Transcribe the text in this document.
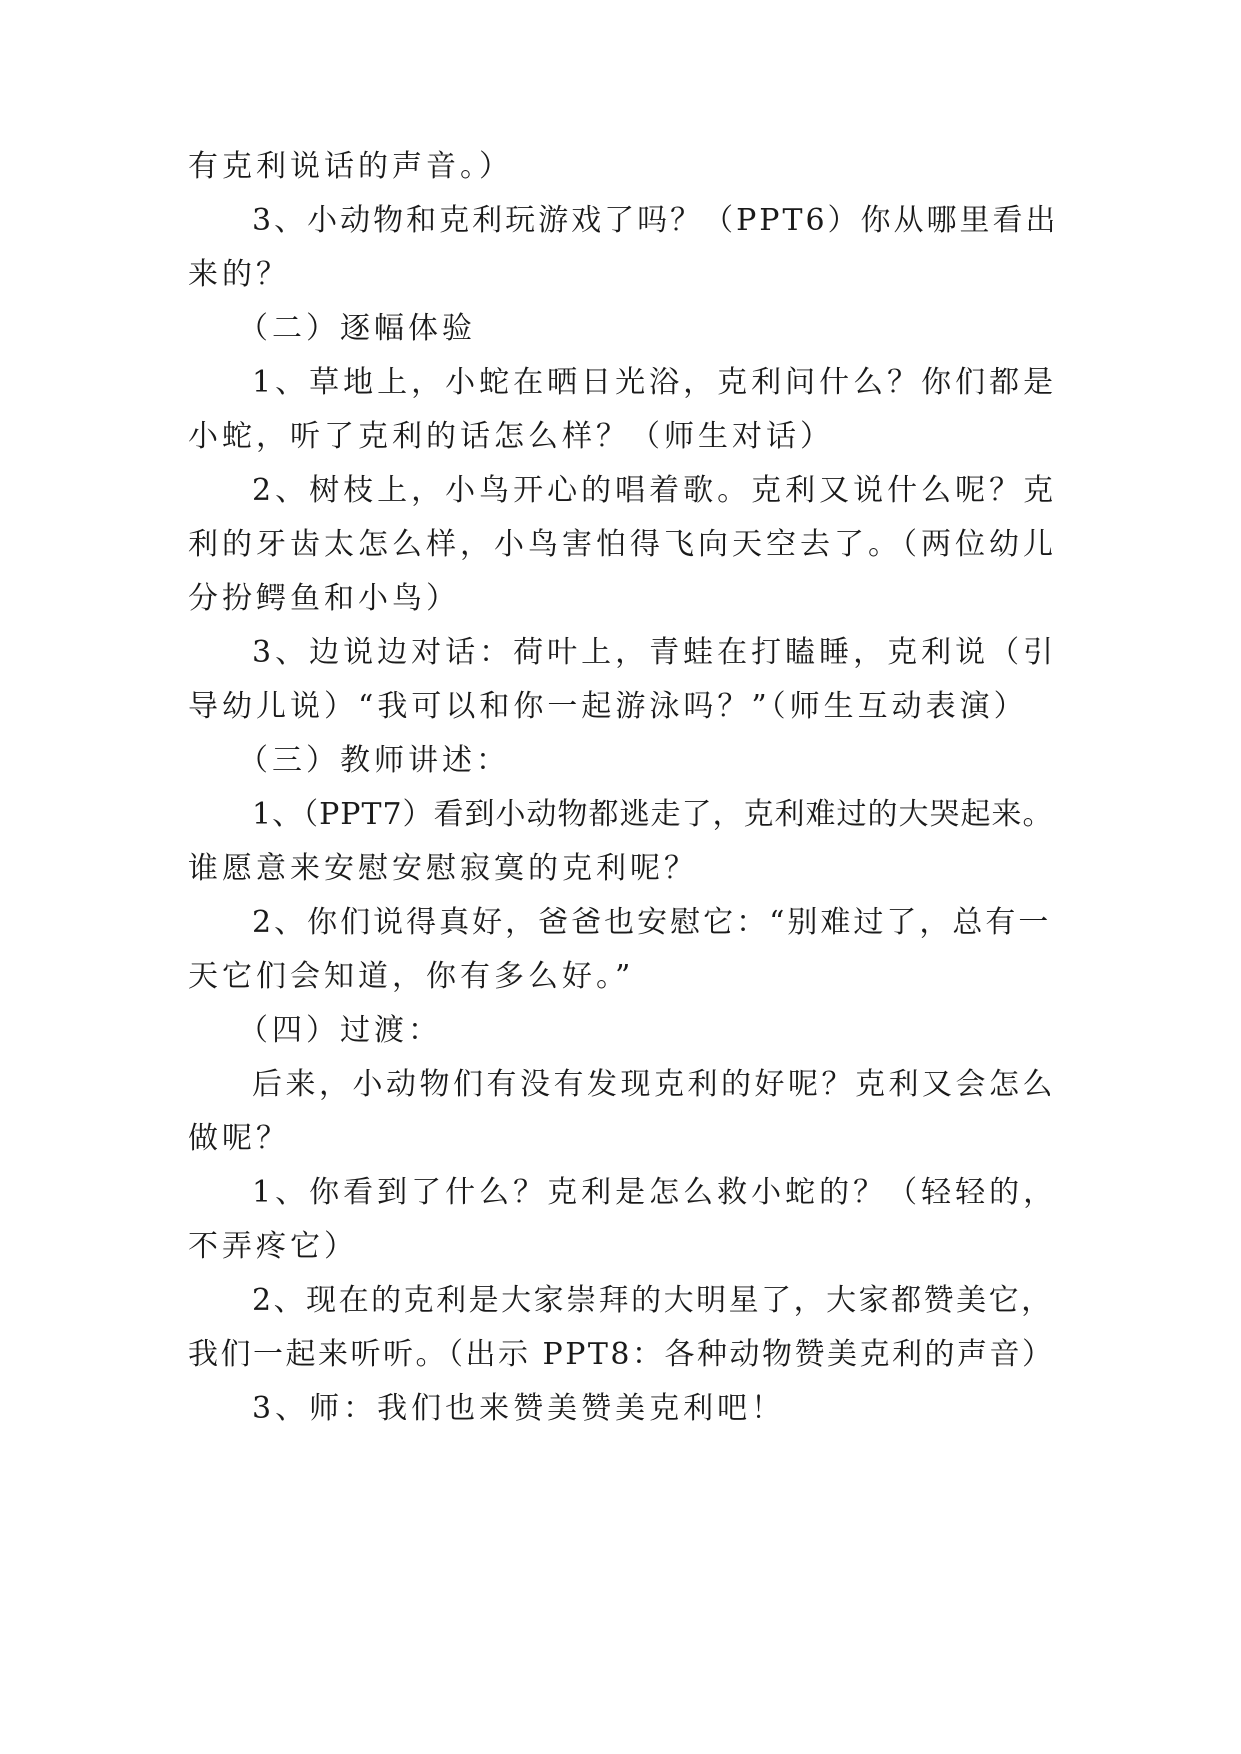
有克利说话的声音。）
3、小动物和克利玩游戏了吗？（PPT6）你从哪里看出
来的？
（二）逐幅体验
1、草地上，小蛇在晒日光浴，克利问什么？你们都是
小蛇，听了克利的话怎么样？（师生对话）
2、树枝上，小鸟开心的唱着歌。克利又说什么呢？克
利的牙齿太怎么样，小鸟害怕得飞向天空去了。（两位幼儿
分扮鳄鱼和小鸟）
3、边说边对话：荷叶上，青蛙在打瞌睡，克利说（引
导幼儿说）“我可以和你一起游泳吗？”（师生互动表演）
（三）教师讲述：
1、（PPT7）看到小动物都逃走了，克利难过的大哭起来。
谁愿意来安慰安慰寂寞的克利呢？
2、你们说得真好，爸爸也安慰它：“别难过了，总有一
天它们会知道，你有多么好。”
（四）过渡：
后来，小动物们有没有发现克利的好呢？克利又会怎么
做呢？
1、你看到了什么？克利是怎么救小蛇的？（轻轻的，
不弄疼它）
2、现在的克利是大家崇拜的大明星了，大家都赞美它，
我们一起来听听。（出示 PPT8：各种动物赞美克利的声音）
3、师：我们也来赞美赞美克利吧！
